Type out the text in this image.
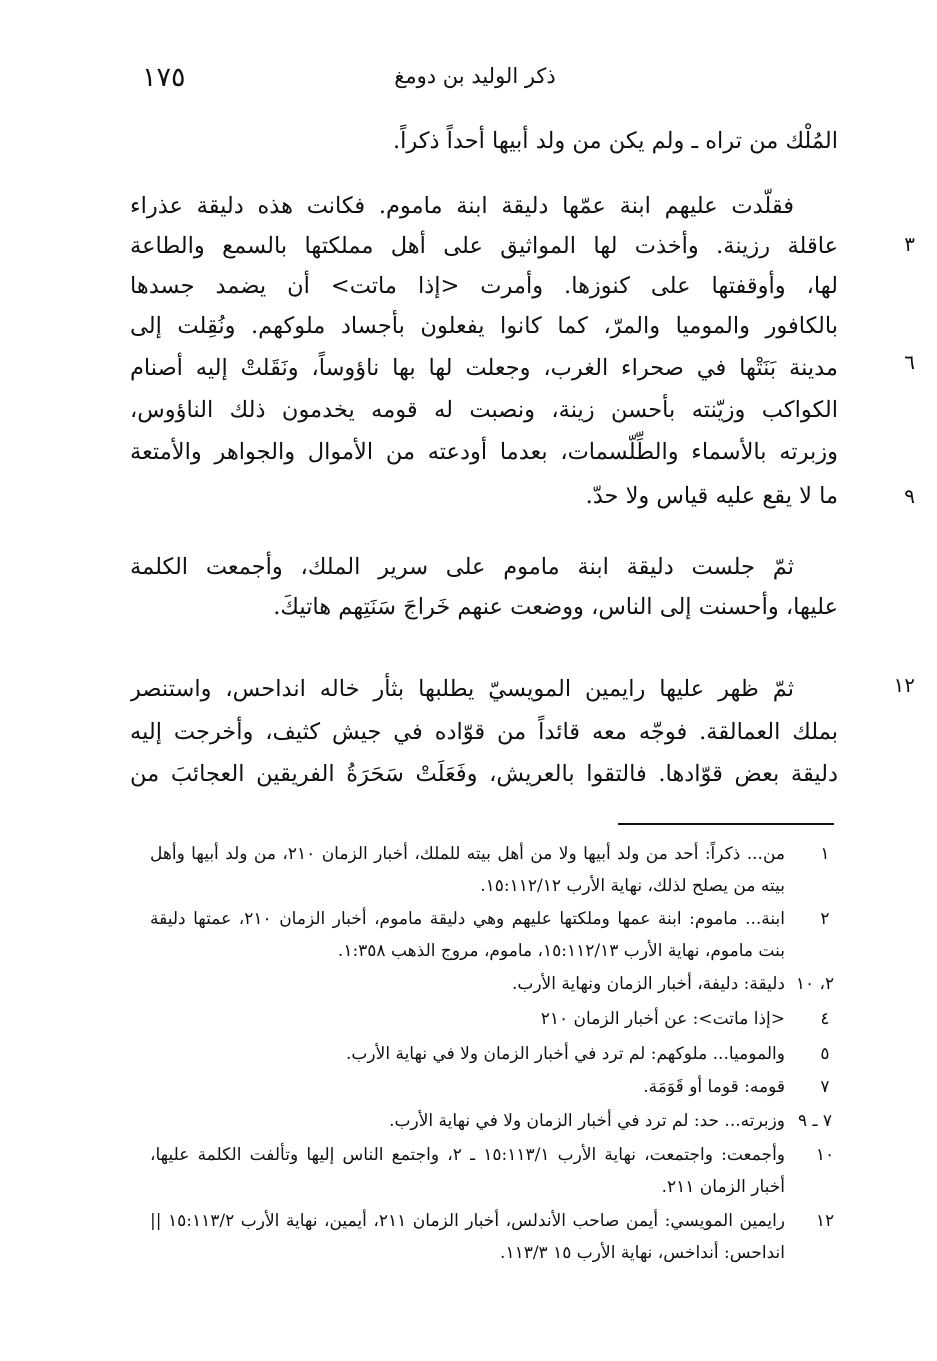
١٧٥	ذكر الوليد بن دومغ
المُلْك من تراه ـ ولم يكن من ولد أبيها أحداً ذكراً.
فقلّدت عليهم ابنة عمّها دليقة ابنة ماموم. فكانت هذه دليقة عذراء
عاقلة رزينة. وأخذت لها المواثيق على أهل مملكتها بالسمع والطاعة
لها، وأوقفتها على كنوزها. وأمرت <إذا ماتت> أن يضمد جسدها
بالكافور والموميا والمرّ، كما كانوا يفعلون بأجساد ملوكهم. ونُقِلت إلى
مدينة بَنَتْها في صحراء الغرب، وجعلت لها بها ناؤوساً، ونَقَلتْ إليه أصنام
الكواكب وزيّنته بأحسن زينة، ونصبت له قومه يخدمون ذلك الناؤوس،
وزبرته بالأسماء والطِّلّسمات، بعدما أودعته من الأموال والجواهر والأمتعة
ما لا يقع عليه قياس ولا حدّ.
ثمّ جلست دليقة ابنة ماموم على سرير الملك، وأجمعت الكلمة
عليها، وأحسنت إلى الناس، ووضعت عنهم خَراجَ سَنَتِهم هاتيكَ.
ثمّ ظهر عليها رايمين المويسيّ يطلبها بثأر خاله انداحس، واستنصر
بملك العمالقة. فوجّه معه قائداً من قوّاده في جيش كثيف، وأخرجت إليه
دليقة بعض قوّادها. فالتقوا بالعريش، وفَعَلَتْ سَحَرَةُ الفريقين العجائبَ من
٣
٦
٩
١٢
١
من... ذكراً: أحد من ولد أبيها ولا من أهل بيته للملك، أخبار الزمان ٢١٠، من ولد أبيها وأهل بيته من يصلح لذلك، نهاية الأرب ١٥:١١٢/١٢.
٢
ابنة... ماموم: ابنة عمها وملكتها عليهم وهي دليقة ماموم، أخبار الزمان ٢١٠، عمتها دليقة بنت ماموم، نهاية الأرب ١٥:١١٢/١٣، ماموم، مروج الذهب ١:٣٥٨.
٢، ١٠
دليقة: دليفة، أخبار الزمان ونهاية الأرب.
٤
<إذا ماتت>: عن أخبار الزمان ٢١٠
٥
والموميا... ملوكهم: لم ترد في أخبار الزمان ولا في نهاية الأرب.
٧
قومه: قوما أو قَوَمَة.
٧ ـ ٩
وزبرته... حد: لم ترد في أخبار الزمان ولا في نهاية الأرب.
١٠
وأجمعت: واجتمعت، نهاية الأرب ١٥:١١٣/١ ـ ٢، واجتمع الناس إليها وتألفت الكلمة عليها، أخبار الزمان ٢١١.
١٢
رايمين المويسي: أيمن صاحب الأندلس، أخبار الزمان ٢١١، أيمين، نهاية الأرب ١٥:١١٣/٢ || انداحس: أنداخس، نهاية الأرب ١٥ ١١٣/٣.
